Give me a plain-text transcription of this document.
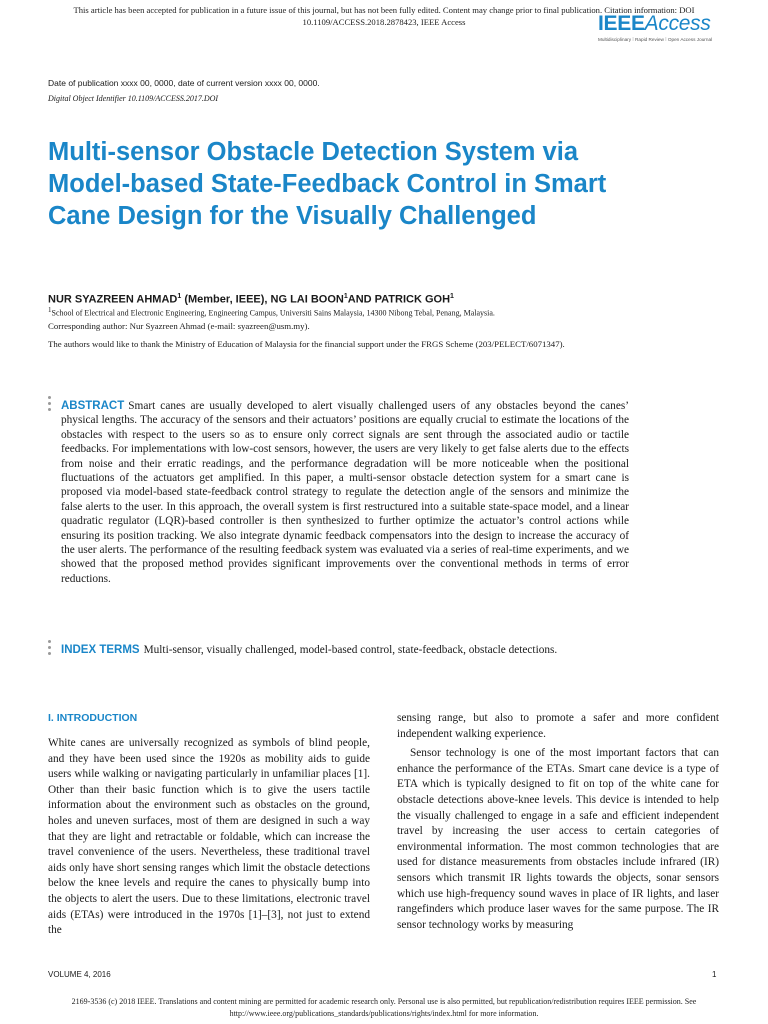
This article has been accepted for publication in a future issue of this journal, but has not been fully edited. Content may change prior to final publication. Citation information: DOI
10.1109/ACCESS.2018.2878423, IEEE Access	IEEEAccess
Multidisciplinary ⁞ Rapid Review ⁞ Open Access Journal
Date of publication xxxx 00, 0000, date of current version xxxx 00, 0000.
Digital Object Identifier 10.1109/ACCESS.2017.DOI
Multi-sensor Obstacle Detection System via Model-based State-Feedback Control in Smart Cane Design for the Visually Challenged
NUR SYAZREEN AHMAD$^1$ (Member, IEEE), NG LAI BOON$^1$AND PATRICK GOH$^1$
$^1$School of Electrical and Electronic Engineering, Engineering Campus, Universiti Sains Malaysia, 14300 Nibong Tebal, Penang, Malaysia.
Corresponding author: Nur Syazreen Ahmad (e-mail: syazreen@usm.my).
The authors would like to thank the Ministry of Education of Malaysia for the financial support under the FRGS Scheme (203/PELECT/6071347).
ABSTRACT Smart canes are usually developed to alert visually challenged users of any obstacles beyond the canes’ physical lengths. The accuracy of the sensors and their actuators’ positions are equally crucial to estimate the locations of the obstacles with respect to the users so as to ensure only correct signals are sent through the associated audio or tactile feedbacks. For implementations with low-cost sensors, however, the users are very likely to get false alerts due to the effects from noise and their erratic readings, and the performance degradation will be more noticeable when the positional fluctuations of the actuators get amplified. In this paper, a multi-sensor obstacle detection system for a smart cane is proposed via model-based state-feedback control strategy to regulate the detection angle of the sensors and minimize the false alerts to the user. In this approach, the overall system is first restructured into a suitable state-space model, and a linear quadratic regulator (LQR)-based controller is then synthesized to further optimize the actuator’s control actions while ensuring its position tracking. We also integrate dynamic feedback compensators into the design to increase the accuracy of the user alerts. The performance of the resulting feedback system was evaluated via a series of real-time experiments, and we showed that the proposed method provides significant improvements over the conventional methods in terms of error reductions.
INDEX TERMS Multi-sensor, visually challenged, model-based control, state-feedback, obstacle detections.
I. INTRODUCTION

White canes are universally recognized as symbols of blind people, and they have been used since the 1920s as mobility aids to guide users while walking or navigating particularly in unfamiliar places [1]. Other than their basic function which is to give the users tactile information about the environment such as obstacles on the ground, holes and uneven surfaces, most of them are designed in such a way that they are light and retractable or foldable, which can increase the travel convenience of the users. Nevertheless, these traditional travel aids only have short sensing ranges which limit the obstacle detections below the knee levels and require the canes to physically bump into the objects to alert the users. Due to these limitations, electronic travel aids (ETAs) were introduced in the 1970s [1]–[3], not just to extend the

sensing range, but also to promote a safer and more confident independent walking experience.

Sensor technology is one of the most important factors that can enhance the performance of the ETAs. Smart cane device is a type of ETA which is typically designed to fit on top of the white cane for obstacle detections above-knee levels. This device is intended to help the visually challenged to engage in a safe and efficient independent travel by increasing the user access to certain categories of environmental information. The most common technologies that are used for distance measurements from obstacles include infrared (IR) sensors which transmit IR lights towards the objects, sonar sensors which use high-frequency sound waves in place of IR lights, and laser rangefinders which produce laser waves for the same purpose. The IR sensor technology works by measuring

VOLUME 4, 2016	1
2169-3536 (c) 2018 IEEE. Translations and content mining are permitted for academic research only. Personal use is also permitted, but republication/redistribution requires IEEE permission. See
http://www.ieee.org/publications_standards/publications/rights/index.html for more information.
